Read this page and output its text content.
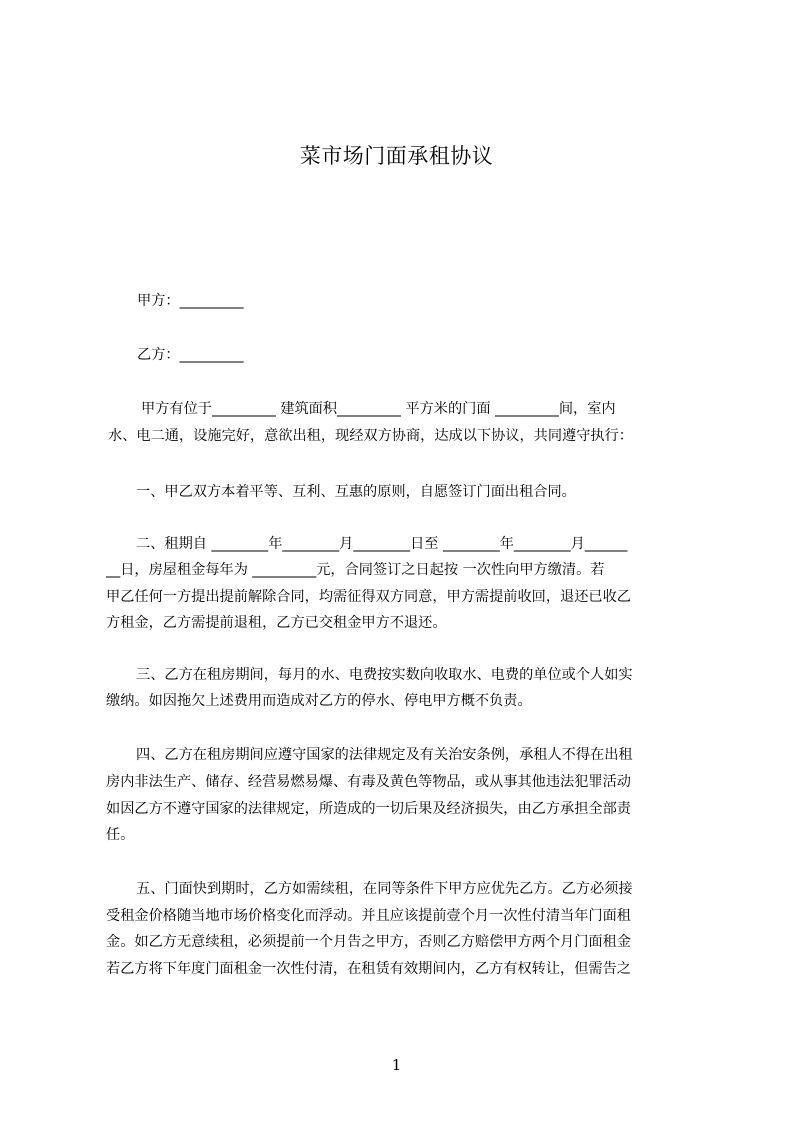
菜市场门面承租协议
甲方：_________
乙方：_________
甲方有位于_________ 建筑面积_________ 平方米的门面 _________间，室内
水、电二通，设施完好，意欲出租，现经双方协商，达成以下协议，共同遵守执行：
一、甲乙双方本着平等、互利、互惠的原则，自愿签订门面出租合同。
二、租期自 ________年________月________日至 ________年________月______
__日，房屋租金每年为 _________元，合同签订之日起按 一次性向甲方缴清。若
甲乙任何一方提出提前解除合同，均需征得双方同意，甲方需提前收回，退还已收乙
方租金，乙方需提前退租，乙方已交租金甲方不退还。
三、乙方在租房期间，每月的水、电费按实数向收取水、电费的单位或个人如实
缴纳。如因拖欠上述费用而造成对乙方的停水、停电甲方概不负责。
四、乙方在租房期间应遵守国家的法律规定及有关治安条例，承租人不得在出租
房内非法生产、储存、经营易燃易爆、有毒及黄色等物品，或从事其他违法犯罪活动
如因乙方不遵守国家的法律规定，所造成的一切后果及经济损失，由乙方承担全部责
任。
五、门面快到期时，乙方如需续租，在同等条件下甲方应优先乙方。乙方必须接
受租金价格随当地市场价格变化而浮动。并且应该提前壹个月一次性付清当年门面租
金。如乙方无意续租，必须提前一个月告之甲方，否则乙方赔偿甲方两个月门面租金
若乙方将下年度门面租金一次性付清，在租赁有效期间内，乙方有权转让，但需告之
1
